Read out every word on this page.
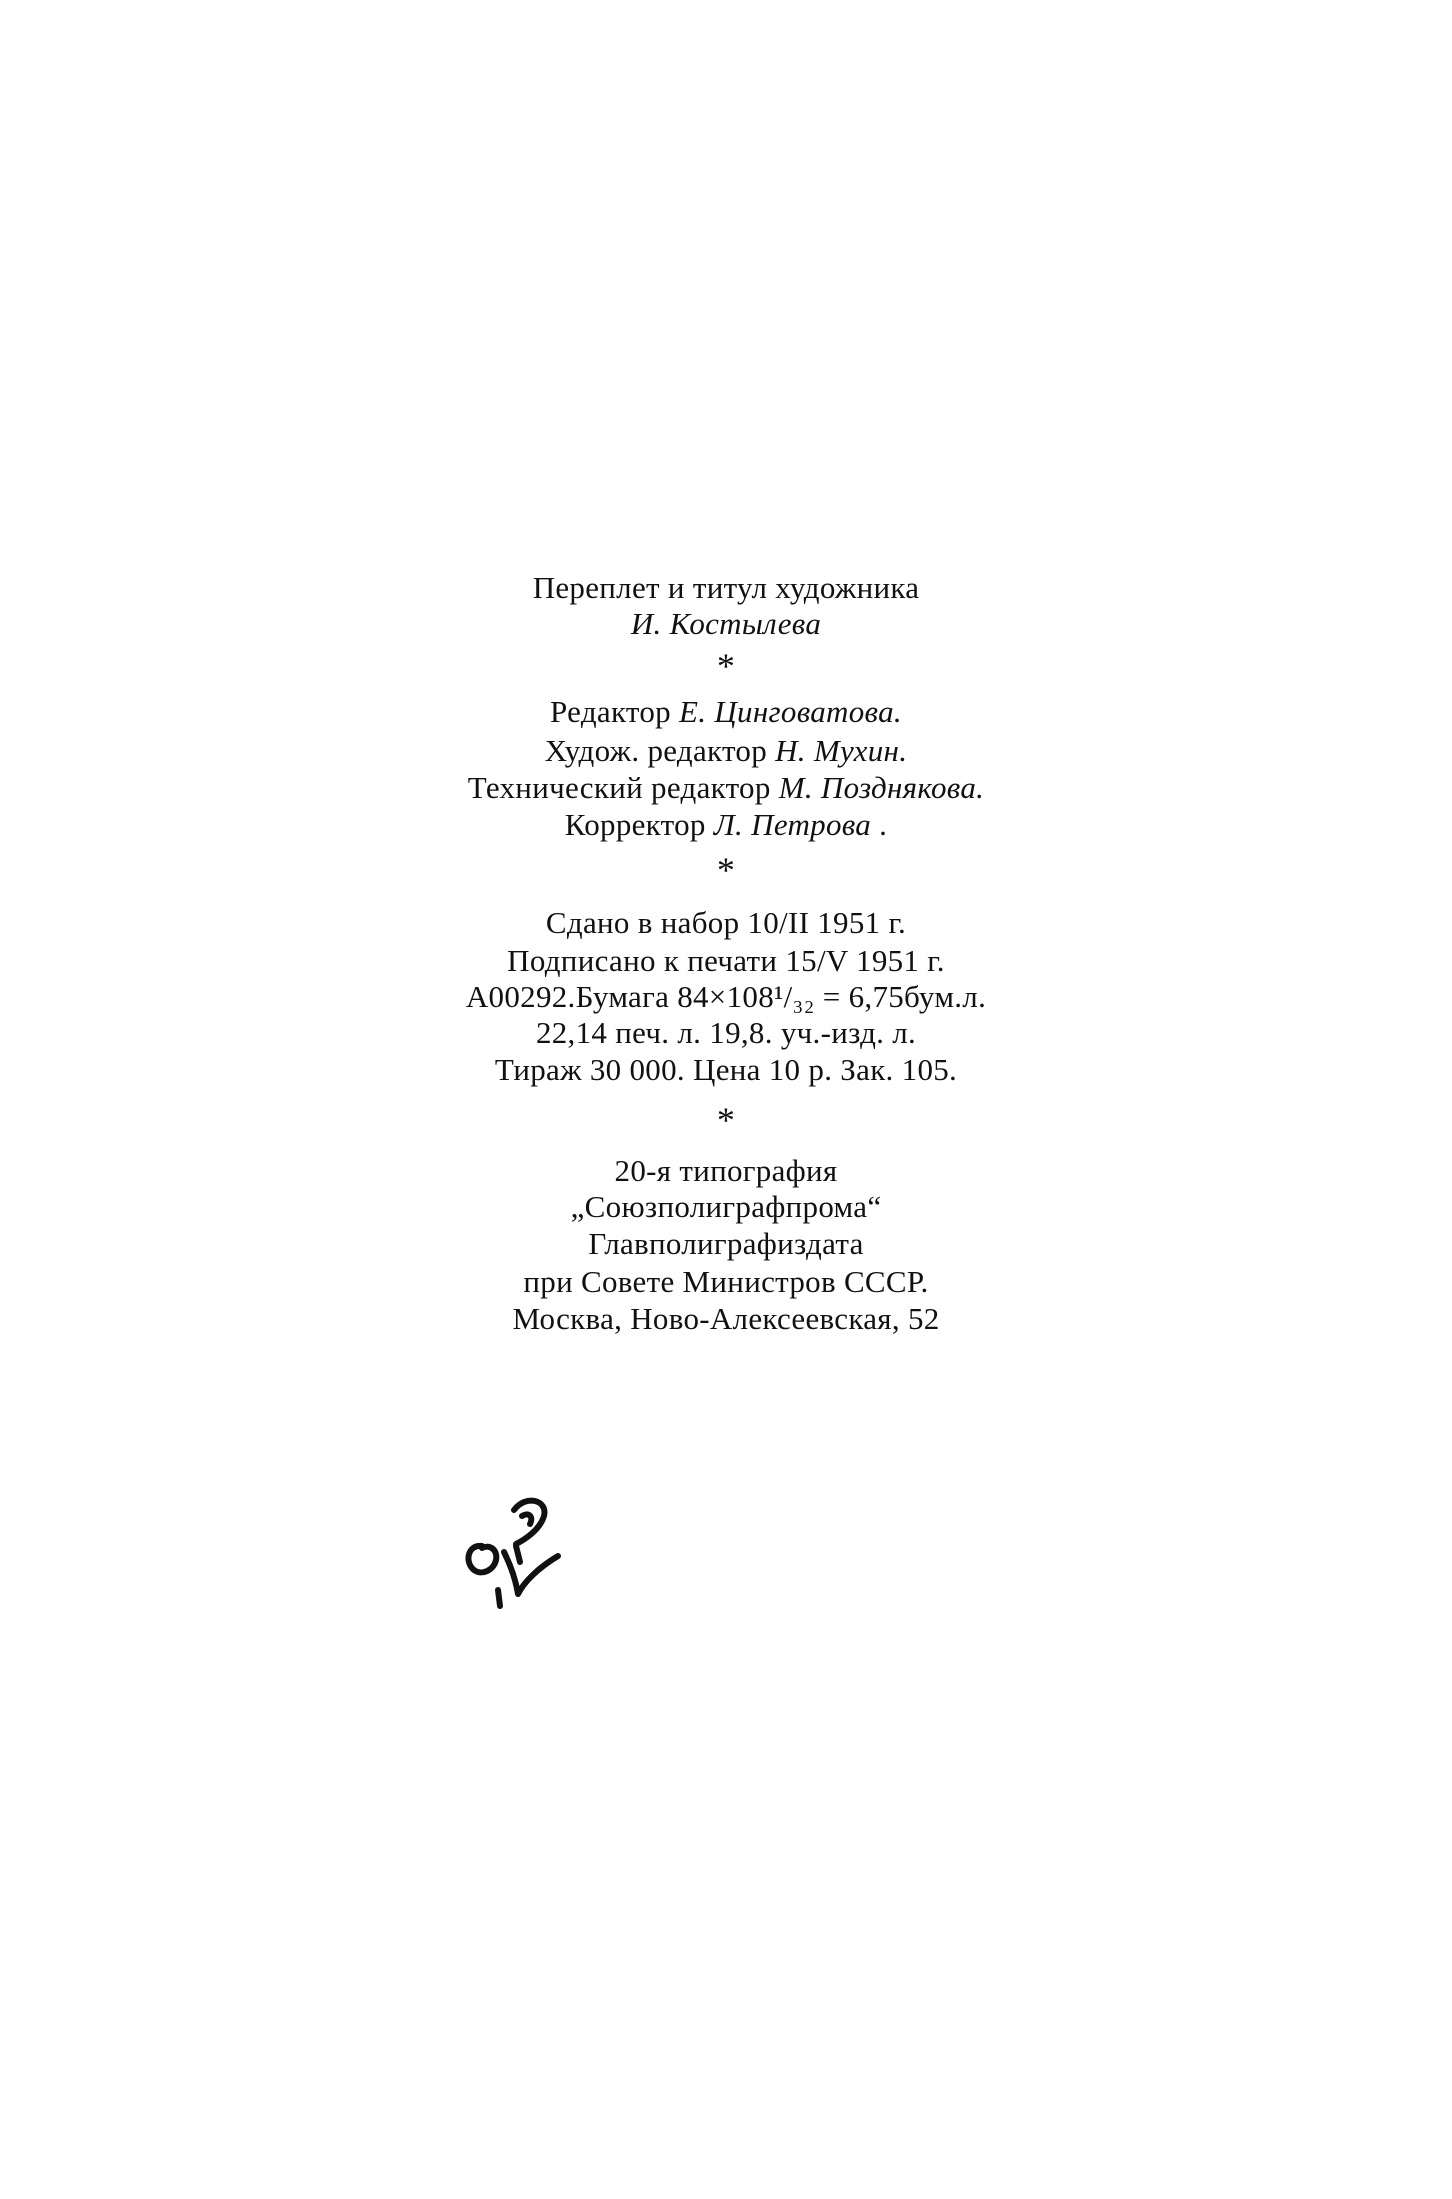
Переплет и титул художника
И. Костылева
*
Редактор Е. Цинговатова.
Худож. редактор Н. Мухин.
Технический редактор М. Позднякова.
Корректор Л. Петрова .
*
Сдано в набор 10/II 1951 г.
Подписано к печати 15/V 1951 г.
А00292.Бумага 84×108¹/₃₂ = 6,75бум.л.
22,14 печ. л. 19,8. уч.-изд. л.
Тираж 30 000. Цена 10 р. Зак. 105.
*
20-я типография
„Союзполиграфпрома“
Главполиграфиздата
при Совете Министров СССР.
Москва, Ново-Алексеевская, 52
